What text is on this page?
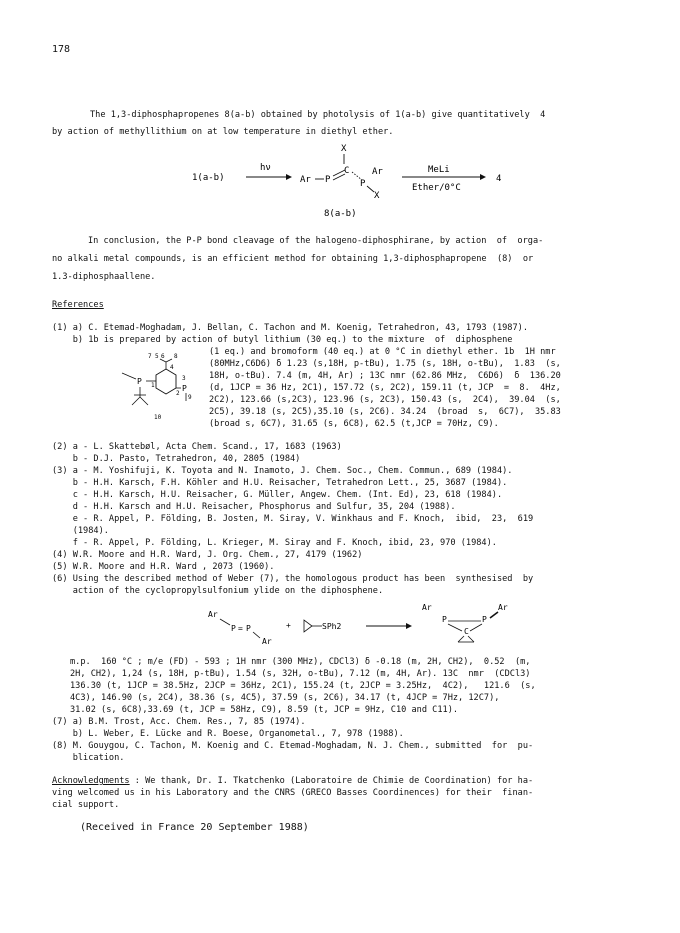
178
The 1,3-diphosphapropenes 8(a-b) obtained by photolysis of 1(a-b) give quantitatively  4
by action of methyllithium on at low temperature in diethyl ether.
1(a-b)
hν
Ar P
C
X
P
Ar
X
8(a-b)
MeLi
Ether/0°C
4
In conclusion, the P-P bond cleavage of the halogeno-diphosphirane, by action  of  orga-
no alkali metal compounds, is an efficient method for obtaining 1,3-diphosphapropene  (8)  or
1.3-diphosphaallene.
References
(1) a) C. Etemad-Moghadam, J. Bellan, C. Tachon and M. Koenig, Tetrahedron, 43, 1793 (1987).
b) 1b is prepared by action of butyl lithium (30 eq.) to the mixture  of  diphosphene
(1 eq.) and bromoform (40 eq.) at 0 °C in diethyl ether. 1b  1H nmr
(80MHz,C6D6) δ 1.23 (s,18H, p-tBu), 1.75 (s, 18H, o-tBu),  1.83  (s,
18H, o-tBu). 7.4 (m, 4H, Ar) ; 13C nmr (62.86 MHz,  C6D6)  δ  136.20
(d, 1JCP = 36 Hz, 2C1), 157.72 (s, 2C2), 159.11 (t, JCP  =  8.  4Hz,
2C2), 123.66 (s,2C3), 123.96 (s, 2C3), 150.43 (s,  2C4),  39.04  (s,
2C5), 39.18 (s, 2C5),35.10 (s, 2C6). 34.24  (broad  s,  6C7),  35.83
(broad s, 6C7), 31.65 (s, 6C8), 62.5 (t,JCP = 70Hz, C9).
7 5 6 8
4
3
2
1
P
P
10
9
(2) a - L. Skattebøl, Acta Chem. Scand., 17, 1683 (1963)
b - D.J. Pasto, Tetrahedron, 40, 2805 (1984)
(3) a - M. Yoshifuji, K. Toyota and N. Inamoto, J. Chem. Soc., Chem. Commun., 689 (1984).
b - H.H. Karsch, F.H. Köhler and H.U. Reisacher, Tetrahedron Lett., 25, 3687 (1984).
c - H.H. Karsch, H.U. Reisacher, G. Müller, Angew. Chem. (Int. Ed), 23, 618 (1984).
d - H.H. Karsch and H.U. Reisacher, Phosphorus and Sulfur, 35, 204 (1988).
e - R. Appel, P. Földing, B. Josten, M. Siray, V. Winkhaus and F. Knoch,  ibid,  23,  619
(1984).
f - R. Appel, P. Földing, L. Krieger, M. Siray and F. Knoch, ibid, 23, 970 (1984).
(4) W.R. Moore and H.R. Ward, J. Org. Chem., 27, 4179 (1962)
(5) W.R. Moore and H.R. Ward , 2073 (1960).
(6) Using the described method of Weber (7), the homologous product has been  synthesised  by
action of the cyclopropylsulfonium ylide on the diphosphene.
Ar
P = P
Ar
+	SPh2
Ar
P
C
P
Ar
m.p.  160 °C ; m/e (FD) - 593 ; 1H nmr (300 MHz), CDCl3) δ -0.18 (m, 2H, CH2),  0.52  (m,
2H, CH2), 1,24 (s, 18H, p-tBu), 1.54 (s, 32H, o-tBu), 7.12 (m, 4H, Ar). 13C  nmr  (CDCl3)
136.30 (t, 1JCP = 38.5Hz, 2JCP = 36Hz, 2C1), 155.24 (t, 2JCP = 3.25Hz,  4C2),   121.6  (s,
4C3), 146.90 (s, 2C4), 38.36 (s, 4C5), 37.59 (s, 2C6), 34.17 (t, 4JCP = 7Hz, 12C7),
31.02 (s, 6C8),33.69 (t, JCP = 58Hz, C9), 8.59 (t, JCP = 9Hz, C10 and C11).
(7) a) B.M. Trost, Acc. Chem. Res., 7, 85 (1974).
b) L. Weber, E. Lücke and R. Boese, Organometal., 7, 978 (1988).
(8) M. Gouygou, C. Tachon, M. Koenig and C. Etemad-Moghadam, N. J. Chem., submitted  for  pu-
blication.
Acknowledgments : We thank, Dr. I. Tkatchenko (Laboratoire de Chimie de Coordination) for ha-
ving welcomed us in his Laboratory and the CNRS (GRECO Basses Coordinences) for their  finan-
cial support.
(Received in France 20 September 1988)
